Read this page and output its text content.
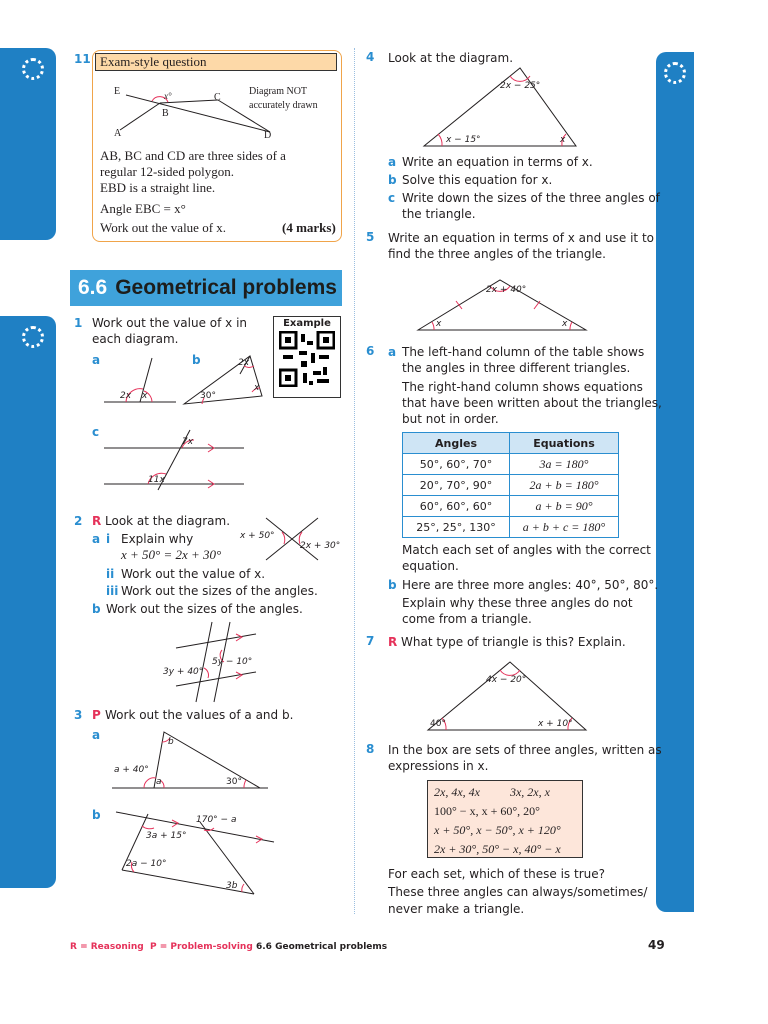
11 Exam-style question
E	x°	C
B
A	D
Diagram NOT
accurately drawn
AB, BC and CD are three sides of a
regular 12-sided polygon.
EBD is a straight line.
Angle EBC = x°
Work out the value of x.	(4 marks)
6.6 Geometrical problems
1 Work out the value of x in
each diagram.
Example
a	b
2x x
2x
30°
x
c
7x
11x
2 R Look at the diagram.
a i Explain why
x + 50° = 2x + 30°
ii Work out the value of x.
iii Work out the sizes of the angles.
b Work out the sizes of the angles.
x + 50°
2x + 30°
5y − 10°
3y + 40°
3 P Work out the values of a and b.
a	b
a + 40°
a	30°
b	170° − a
3a + 15°
2a − 10°
3b
4 Look at the diagram.
2x − 25°
x − 15°	x
a Write an equation in terms of x.
b Solve this equation for x.
c Write down the sizes of the three angles of
the triangle.
5 Write an equation in terms of x and use it to
find the three angles of the triangle.
2x + 40°
x	x
6 a The left-hand column of the table shows
the angles in three different triangles.
The right-hand column shows equations
that have been written about the triangles,
but not in order.
Angles	Equations
50°, 60°, 70°	3a = 180°
20°, 70°, 90°	2a + b = 180°
60°, 60°, 60°	a + b = 90°
25°, 25°, 130°	a + b + c = 180°
Match each set of angles with the correct
equation.
b Here are three more angles: 40°, 50°, 80°.
Explain why these three angles do not
come from a triangle.
7 R What type of triangle is this? Explain.
4x − 20°
40°	x + 10°
8 In the box are sets of three angles, written as
expressions in x.
2x, 4x, 4x          3x, 2x, x
100° − x, x + 60°, 20°
x + 50°, x − 50°, x + 120°
2x + 30°, 50° − x, 40° − x
For each set, which of these is true?
These three angles can always/sometimes/
never make a triangle.
R = Reasoning  P = Problem-solving 6.6 Geometrical problems	49
